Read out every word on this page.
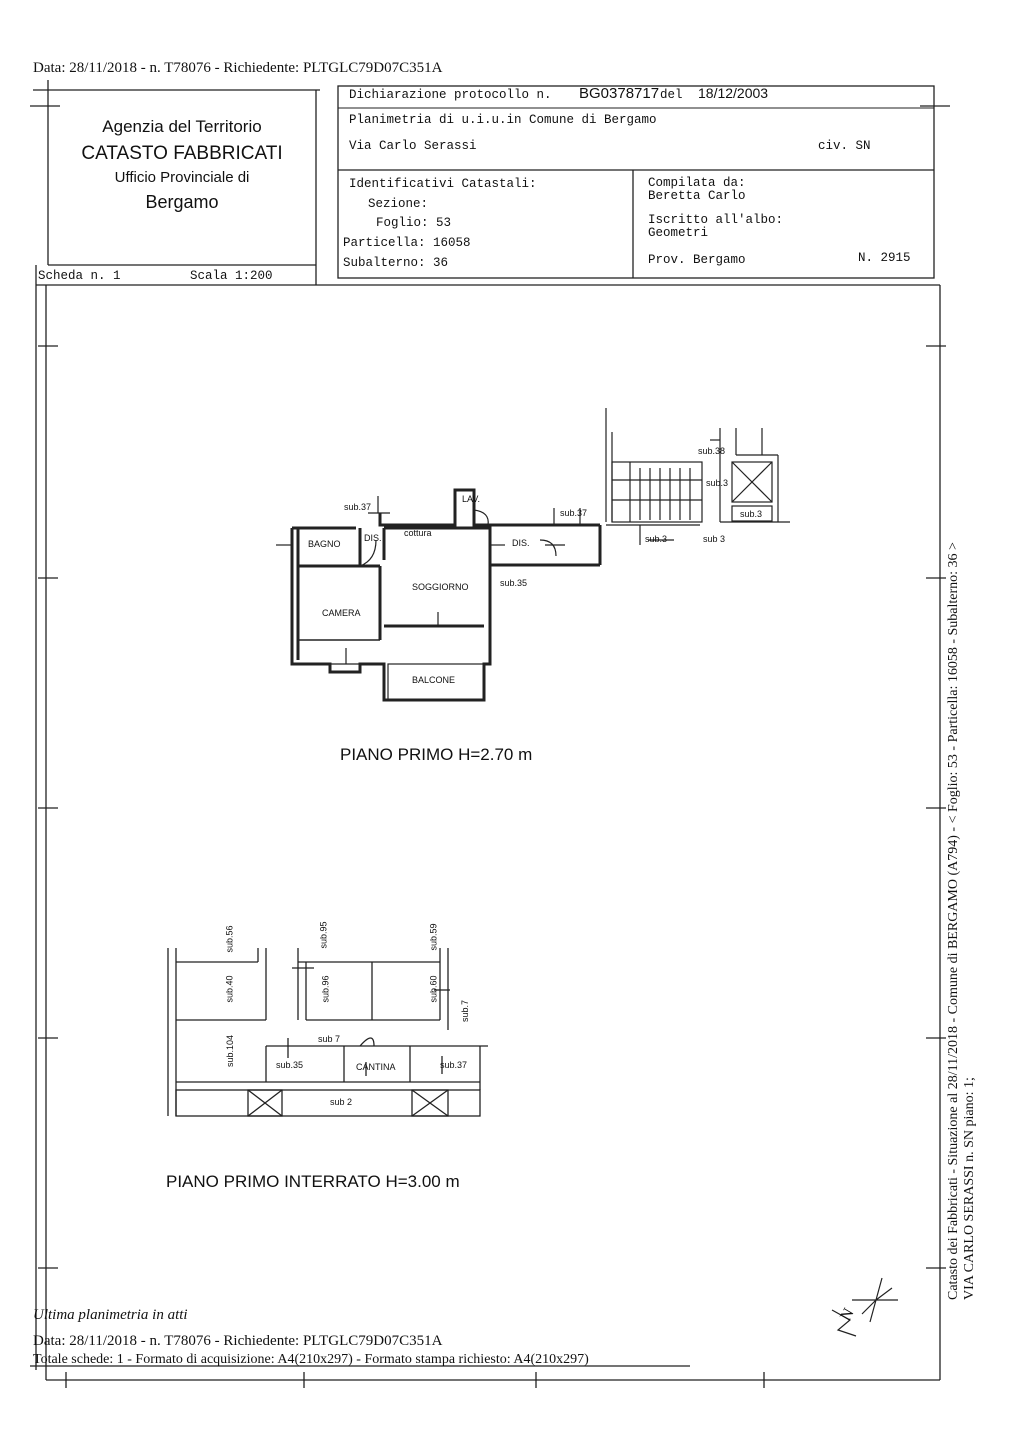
Data: 28/11/2018 - n. T78076 - Richiedente: PLTGLC79D07C351A
Agenzia del Territorio
CATASTO FABBRICATI
Ufficio Provinciale di
Bergamo
Dichiarazione protocollo n. BG0378717 del 18/12/2003
Planimetria di u.i.u.in Comune di Bergamo
Via Carlo Serassi	civ. SN
Identificativi Catastali:
Sezione:
Foglio: 53
Particella: 16058
Subalterno: 36
Compilata da:
Beretta Carlo
Iscritto all'albo:
Geometri
Prov. Bergamo	N. 2915
Scheda n. 1	Scala 1:200
sub.37
sub.37
sub.38
sub.3
sub.3
sub.3	sub 3
sub.35
BAGNO
DIS. cottura
DIS.
LAV.
SOGGIORNO
CAMERA
BALCONE
PIANO PRIMO H=2.70 m
sub.56	sub.95	sub.59
sub.40	sub.96	sub.60
sub.7
sub.104	sub 7
sub.35	CANTINA	sub.37
sub 2
PIANO PRIMO INTERRATO H=3.00 m
N
Ultima planimetria in atti
Data: 28/11/2018 - n. T78076 - Richiedente: PLTGLC79D07C351A
Totale schede: 1 - Formato di acquisizione: A4(210x297) - Formato stampa richiesto: A4(210x297)
Catasto dei Fabbricati - Situazione al 28/11/2018 - Comune di BERGAMO (A794) - < Foglio: 53 - Particella: 16058 - Subalterno: 36 > VIA CARLO SERASSI n. SN piano: 1;
